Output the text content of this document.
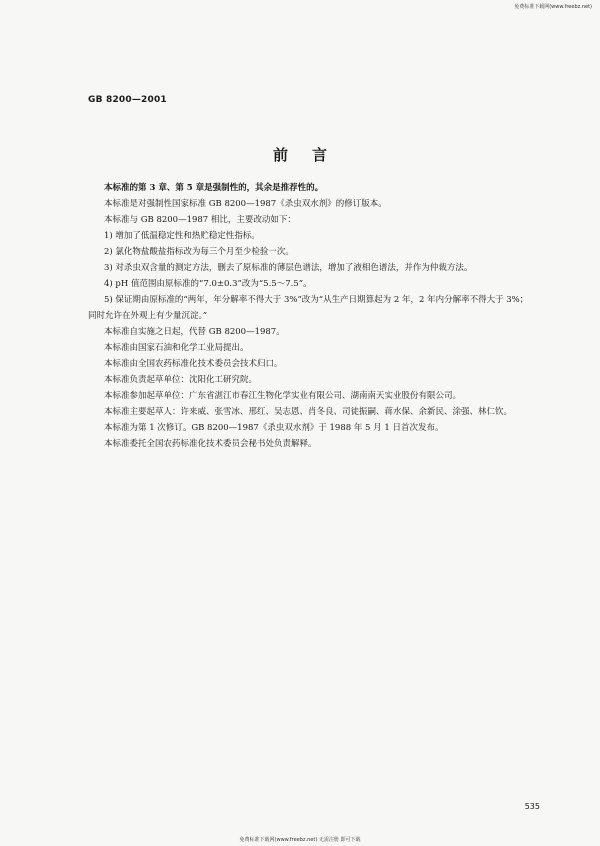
免费标准下载网(www.freebz.net)
GB 8200—2001
前言

本标准的第 3 章、第 5 章是强制性的，其余是推荐性的。

本标准是对强制性国家标准 GB 8200—1987《杀虫双水剂》的修订版本。

本标准与 GB 8200—1987 相比，主要改动如下：

1) 增加了低温稳定性和热贮稳定性指标。

2) 氯化物盐酸盐指标改为每三个月至少检验一次。

3) 对杀虫双含量的测定方法，删去了原标准的薄层色谱法，增加了液相色谱法，并作为仲裁方法。

4) pH 值范围由原标准的“7.0±0.3”改为“5.5～7.5”。

5) 保证期由原标准的“两年，年分解率不得大于 3%”改为“从生产日期算起为 2 年，2 年内分解率不得大于 3%；同时允许在外观上有少量沉淀。”

本标准自实施之日起，代替 GB 8200—1987。

本标准由国家石油和化学工业局提出。

本标准由全国农药标准化技术委员会技术归口。

本标准负责起草单位：沈阳化工研究院。

本标准参加起草单位：广东省湛江市春江生物化学实业有限公司、湖南南天实业股份有限公司。

本标准主要起草人：许来威、张雪冰、邢红、吴志恩、肖冬良、司徒振嗣、蒋水保、余新民、涂强、林仁钦。

本标准为第 1 次修订。GB 8200—1987《杀虫双水剂》于 1988 年 5 月 1 日首次发布。

本标准委托全国农药标准化技术委员会秘书处负责解释。

535
免费标准下载网(www.freebz.net) 无需注册 即可下载
